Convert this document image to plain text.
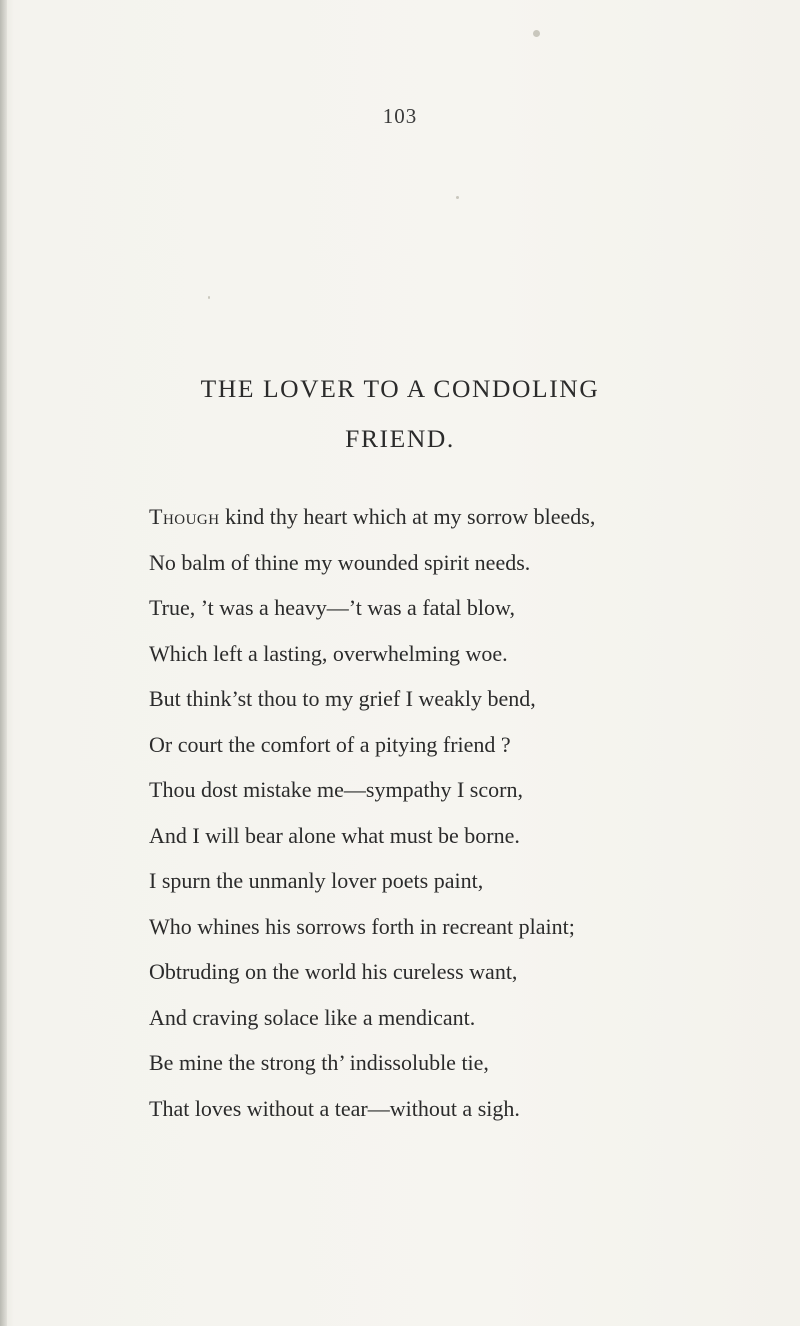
103
THE LOVER TO A CONDOLING
FRIEND.
Though kind thy heart which at my sorrow bleeds,
No balm of thine my wounded spirit needs.
True, ’t was a heavy—’t was a fatal blow,
Which left a lasting, overwhelming woe.
But think’st thou to my grief I weakly bend,
Or court the comfort of a pitying friend ?
Thou dost mistake me—sympathy I scorn,
And I will bear alone what must be borne.
I spurn the unmanly lover poets paint,
Who whines his sorrows forth in recreant plaint;
Obtruding on the world his cureless want,
And craving solace like a mendicant.
Be mine the strong th’ indissoluble tie,
That loves without a tear—without a sigh.
